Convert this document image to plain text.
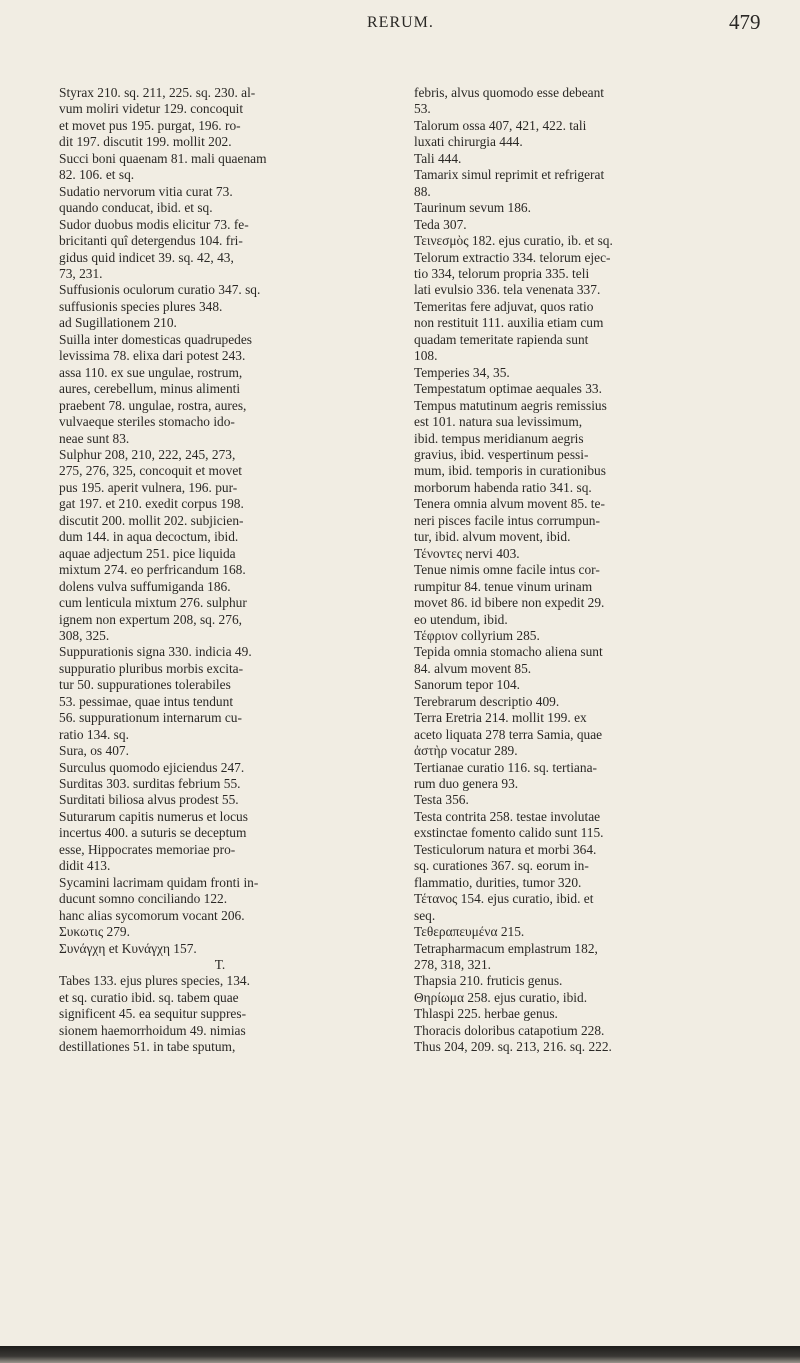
RERUM.	479
Styrax 210. sq. 211, 225. sq. 230. al-
vum moliri videtur 129. concoquit
et movet pus 195. purgat, 196. ro-
dit 197. discutit 199. mollit 202.
Succi boni quaenam 81. mali quaenam
82. 106. et sq.
Sudatio nervorum vitia curat 73.
quando conducat, ibid. et sq.
Sudor duobus modis elicitur 73. fe-
bricitanti quî detergendus 104. fri-
gidus quid indicet 39. sq. 42, 43,
73, 231.
Suffusionis oculorum curatio 347. sq.
suffusionis species plures 348.
ad Sugillationem 210.
Suilla inter domesticas quadrupedes
levissima 78. elixa dari potest 243.
assa 110. ex sue ungulae, rostrum,
aures, cerebellum, minus alimenti
praebent 78. ungulae, rostra, aures,
vulvaeque steriles stomacho ido-
neae sunt 83.
Sulphur 208, 210, 222, 245, 273,
275, 276, 325, concoquit et movet
pus 195. aperit vulnera, 196. pur-
gat 197. et 210. exedit corpus 198.
discutit 200. mollit 202. subjicien-
dum 144. in aqua decoctum, ibid.
aquae adjectum 251. pice liquida
mixtum 274. eo perfricandum 168.
dolens vulva suffumiganda 186.
cum lenticula mixtum 276. sulphur
ignem non expertum 208, sq. 276,
308, 325.
Suppurationis signa 330. indicia 49.
suppuratio pluribus morbis excita-
tur 50. suppurationes tolerabiles
53. pessimae, quae intus tendunt
56. suppurationum internarum cu-
ratio 134. sq.
Sura, os 407.
Surculus quomodo ejiciendus 247.
Surditas 303. surditas febrium 55.
Surditati biliosa alvus prodest 55.
Suturarum capitis numerus et locus
incertus 400. a suturis se deceptum
esse, Hippocrates memoriae pro-
didit 413.
Sycamini lacrimam quidam fronti in-
ducunt somno conciliando 122.
hanc alias sycomorum vocant 206.
Συκωτις 279.
Συνάγχη et Κυνάγχη 157.
T.
Tabes 133. ejus plures species, 134.
et sq. curatio ibid. sq. tabem quae
significent 45. ea sequitur suppres-
sionem haemorrhoidum 49. nimias
destillationes 51. in tabe sputum,
febris, alvus quomodo esse debeant
53.
Talorum ossa 407, 421, 422. tali
luxati chirurgia 444.
Tali 444.
Tamarix simul reprimit et refrigerat
88.
Taurinum sevum 186.
Teda 307.
Τεινεσμὸς 182. ejus curatio, ib. et sq.
Telorum extractio 334. telorum ejec-
tio 334, telorum propria 335. teli
lati evulsio 336. tela venenata 337.
Temeritas fere adjuvat, quos ratio
non restituit 111. auxilia etiam cum
quadam temeritate rapienda sunt
108.
Temperies 34, 35.
Tempestatum optimae aequales 33.
Tempus matutinum aegris remissius
est 101. natura sua levissimum,
ibid. tempus meridianum aegris
gravius, ibid. vespertinum pessi-
mum, ibid. temporis in curationibus
morborum habenda ratio 341. sq.
Tenera omnia alvum movent 85. te-
neri pisces facile intus corrumpun-
tur, ibid. alvum movent, ibid.
Τένοντες nervi 403.
Tenue nimis omne facile intus cor-
rumpitur 84. tenue vinum urinam
movet 86. id bibere non expedit 29.
eo utendum, ibid.
Τέφριον collyrium 285.
Tepida omnia stomacho aliena sunt
84. alvum movent 85.
Sanorum tepor 104.
Terebrarum descriptio 409.
Terra Eretria 214. mollit 199. ex
aceto liquata 278 terra Samia, quae
ἀστὴρ vocatur 289.
Tertianae curatio 116. sq. tertiana-
rum duo genera 93.
Testa 356.
Testa contrita 258. testae involutae
exstinctae fomento calido sunt 115.
Testiculorum natura et morbi 364.
sq. curationes 367. sq. eorum in-
flammatio, durities, tumor 320.
Τέτανος 154. ejus curatio, ibid. et
seq.
Τεθεραπευμένα 215.
Tetrapharmacum emplastrum 182,
278, 318, 321.
Thapsia 210. fruticis genus.
Θηρίωμα 258. ejus curatio, ibid.
Thlaspi 225. herbae genus.
Thoracis doloribus catapotium 228.
Thus 204, 209. sq. 213, 216. sq. 222.
